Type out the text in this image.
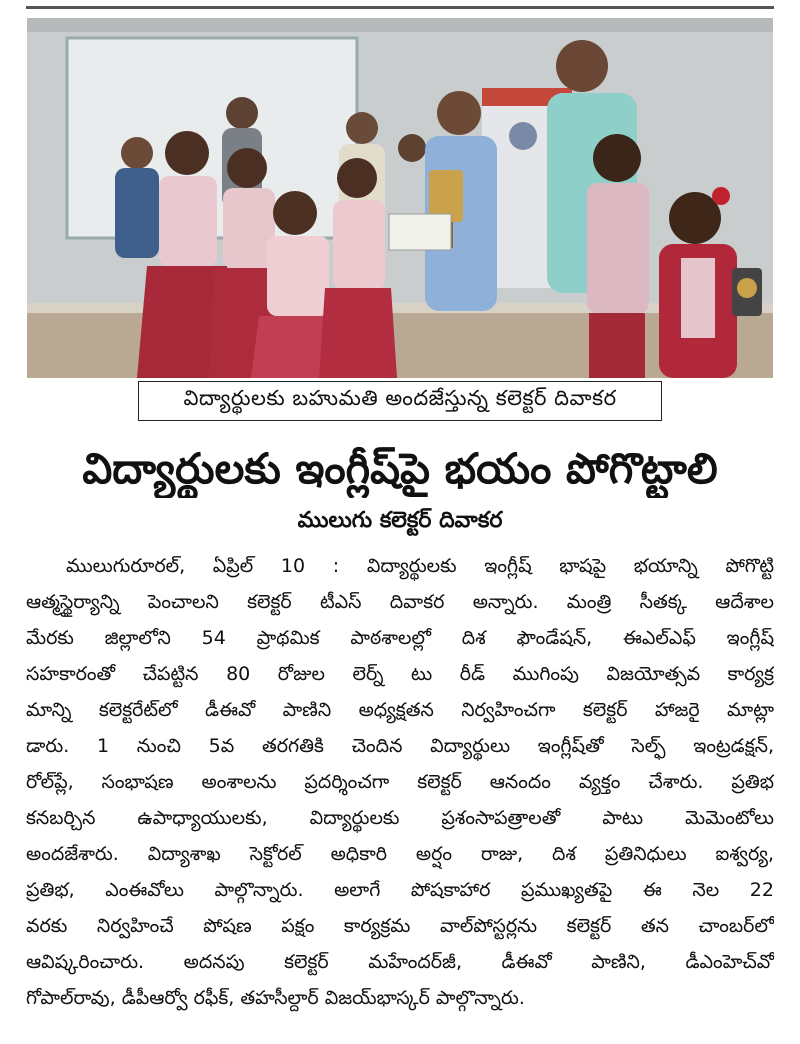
విద్యార్థులకు బహుమతి అందజేస్తున్న కలెక్టర్ దివాకర
విద్యార్థులకు ఇంగ్లీష్‌పై భయం పోగొట్టాలి
ములుగు కలెక్టర్ దివాకర
ములుగురూరల్, ఏప్రిల్ 10 : విద్యార్థులకు ఇంగ్లీష్ భాషపై భయాన్ని పోగొట్టి
ఆత్మస్థైర్యాన్ని పెంచాలని కలెక్టర్ టీఎస్ దివాకర అన్నారు. మంత్రి సీతక్క ఆదేశాల
మేరకు జిల్లాలోని 54 ప్రాథమిక పాఠశాలల్లో దిశ ఫౌండేషన్, ఈఎల్ఎఫ్ ఇంగ్లీష్
సహకారంతో చేపట్టిన 80 రోజుల లెర్న్ టు రీడ్ ముగింపు విజయోత్సవ కార్యక్ర
మాన్ని కలెక్టరేట్‌లో డీఈవో పాణిని అధ్యక్షతన నిర్వహించగా కలెక్టర్ హాజరై మాట్లా
డారు. 1 నుంచి 5వ తరగతికి చెందిన విద్యార్థులు ఇంగ్లీష్‌తో సెల్ఫ్ ఇంట్రడక్షన్,
రోల్‌ప్లే, సంభాషణ అంశాలను ప్రదర్శించగా కలెక్టర్ ఆనందం వ్యక్తం చేశారు. ప్రతిభ
కనబర్చిన ఉపాధ్యాయులకు, విద్యార్థులకు ప్రశంసాపత్రాలతో పాటు మెమెంటోలు
అందజేశారు. విద్యాశాఖ సెక్టోరల్ అధికారి అర్షం రాజు, దిశ ప్రతినిధులు ఐశ్వర్య,
ప్రతిభ, ఎంఈవోలు పాల్గొన్నారు. అలాగే పోషకాహార ప్రముఖ్యతపై ఈ నెల 22
వరకు నిర్వహించే పోషణ పక్షం కార్యక్రమ వాల్‌పోస్టర్లను కలెక్టర్ తన చాంబర్‌లో
ఆవిష్కరించారు. అదనపు కలెక్టర్ మహేందర్‌జీ, డీఈవో పాణిని, డీఎంహెచ్‌వో
గోపాల్‌రావు, డీపీఆర్వో రఫీక్, తహసీల్దార్ విజయ్‌భాస్కర్ పాల్గొన్నారు.
